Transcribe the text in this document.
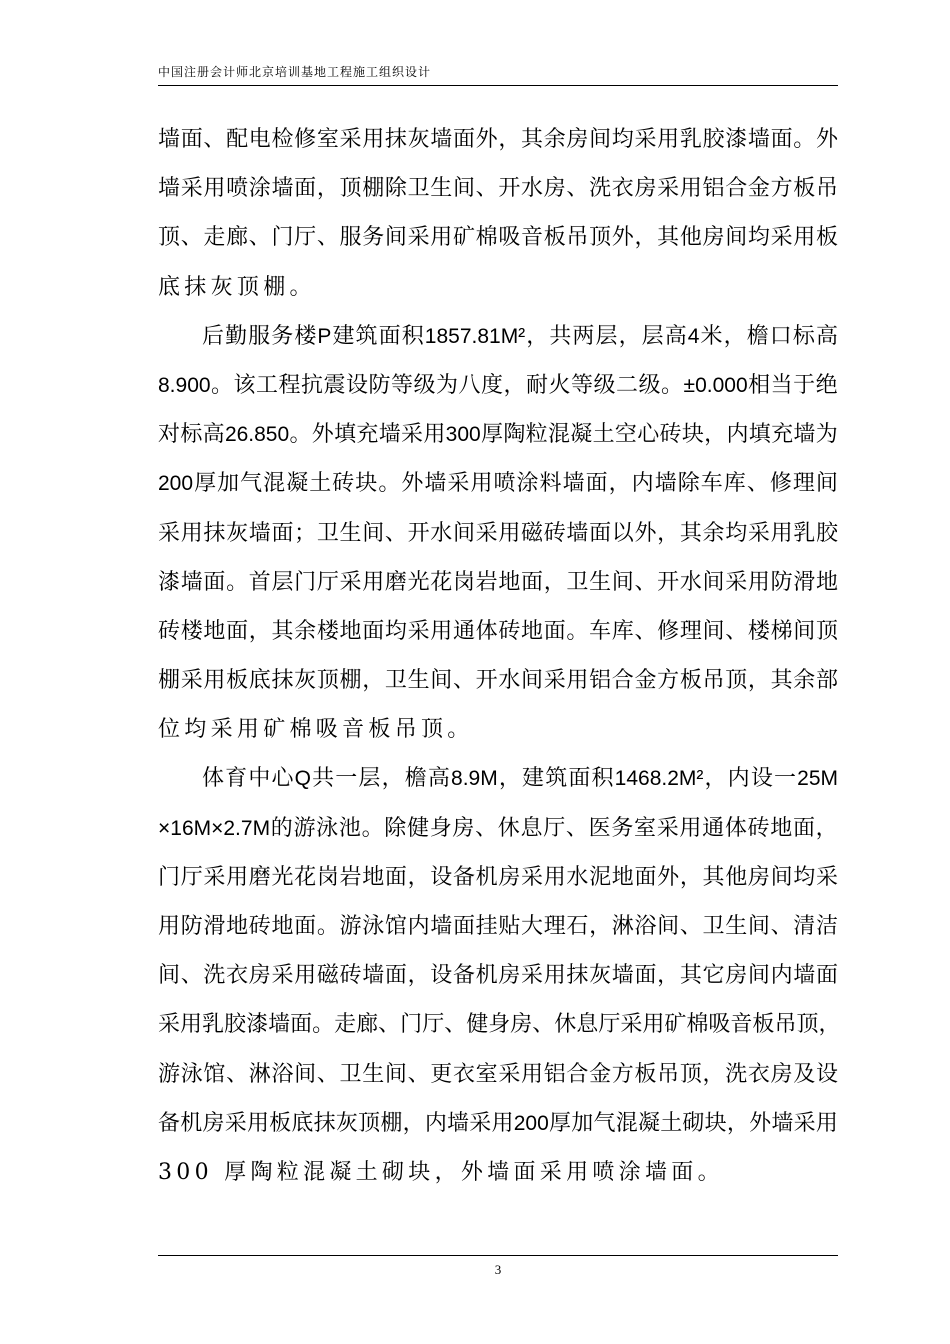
中国注册会计师北京培训基地工程施工组织设计
墙 面 、 配 电 检 修 室 采 用 抹 灰 墙 面 外 ， 其 余 房 间 均 采 用 乳 胶 漆 墙 面 。 外
墙 采 用 喷 涂 墙 面 ， 顶 棚 除 卫 生 间 、 开 水 房 、 洗 衣 房 采 用 铝 合 金 方 板 吊
顶 、 走 廊 、 门 厅 、 服 务 间 采 用 矿 棉 吸 音 板 吊 顶 外 ， 其 他 房 间 均 采 用 板
底抹灰顶棚。
后 勤 服 务 楼 P 建 筑 面 积 1857.81M² ， 共 两 层 ， 层 高 4 米 ， 檐 口 标 高
8.900 。 该 工 程 抗 震 设 防 等 级 为 八 度 ， 耐 火 等 级 二 级 。 ±0.000 相 当 于 绝
对 标 高 26.850 。 外 填 充 墙 采 用 300 厚 陶 粒 混 凝 土 空 心 砖 块 ， 内 填 充 墙 为
200 厚 加 气 混 凝 土 砖 块 。 外 墙 采 用 喷 涂 料 墙 面 ， 内 墙 除 车 库 、 修 理 间
采 用 抹 灰 墙 面 ； 卫 生 间 、 开 水 间 采 用 磁 砖 墙 面 以 外 ， 其 余 均 采 用 乳 胶
漆 墙 面 。 首 层 门 厅 采 用 磨 光 花 岗 岩 地 面 ， 卫 生 间 、 开 水 间 采 用 防 滑 地
砖 楼 地 面 ， 其 余 楼 地 面 均 采 用 通 体 砖 地 面 。 车 库 、 修 理 间 、 楼 梯 间 顶
棚 采 用 板 底 抹 灰 顶 棚 ， 卫 生 间 、 开 水 间 采 用 铝 合 金 方 板 吊 顶 ， 其 余 部
位均采用矿棉吸音板吊顶。
体 育 中 心 Q 共 一 层 ， 檐 高 8.9M ， 建 筑 面 积 1468.2M² ， 内 设 一 25M
×16M×2.7M 的 游 泳 池 。 除 健 身 房 、 休 息 厅 、 医 务 室 采 用 通 体 砖 地 面 ，
门 厅 采 用 磨 光 花 岗 岩 地 面 ， 设 备 机 房 采 用 水 泥 地 面 外 ， 其 他 房 间 均 采
用 防 滑 地 砖 地 面 。 游 泳 馆 内 墙 面 挂 贴 大 理 石 ， 淋 浴 间 、 卫 生 间 、 清 洁
间 、 洗 衣 房 采 用 磁 砖 墙 面 ， 设 备 机 房 采 用 抹 灰 墙 面 ， 其 它 房 间 内 墙 面
采 用 乳 胶 漆 墙 面 。 走 廊 、 门 厅 、 健 身 房 、 休 息 厅 采 用 矿 棉 吸 音 板 吊 顶 ，
游 泳 馆 、 淋 浴 间 、 卫 生 间 、 更 衣 室 采 用 铝 合 金 方 板 吊 顶 ， 洗 衣 房 及 设
备 机 房 采 用 板 底 抹 灰 顶 棚 ， 内 墙 采 用 200 厚 加 气 混 凝 土 砌 块 ， 外 墙 采 用
300 厚陶粒混凝土砌块，外墙面采用喷涂墙面。
3
